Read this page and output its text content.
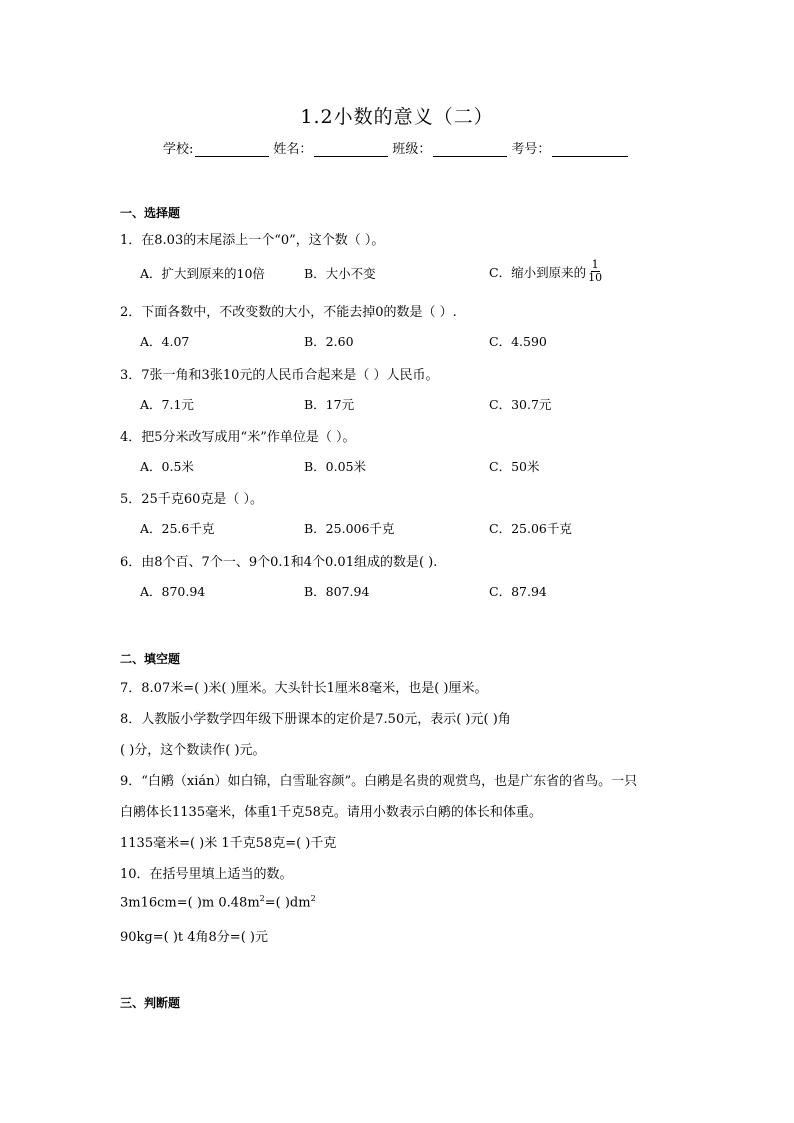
1.2小数的意义（二）
学校:	姓名：	班级：	考号：
一、选择题
1．在8.03的末尾添上一个“0”，这个数（ ）。
A．扩大到原来的10倍	B．大小不变	C．缩小到原来的 $\frac{1}{10}$
2．下面各数中，不改变数的大小，不能去掉0的数是（ ）.
A．4.07	B．2.60	C．4.590
3．7张一角和3张10元的人民币合起来是（ ）人民币。
A．7.1元	B．17元	C．30.7元
4．把5分米改写成用“米”作单位是（ ）。
A．0.5米	B．0.05米	C．50米
5．25千克60克是（ ）。
A．25.6千克	B．25.006千克	C．25.06千克
6．由8个百、7个一、9个0.1和4个0.01组成的数是( ).
A．870.94	B．807.94	C．87.94
二、填空题
7．8.07米=( )米( )厘米。大头针长1厘米8毫米，也是( )厘米。
8．人教版小学数学四年级下册课本的定价是7.50元，表示( )元( )角
( )分，这个数读作( )元。
9．“白鹇（xián）如白锦，白雪耻容颜”。白鹇是名贵的观赏鸟，也是广东省的省鸟。一只
白鹇体长1135毫米，体重1千克58克。请用小数表示白鹇的体长和体重。
1135毫米=( )米 1千克58克=( )千克
10．在括号里填上适当的数。
3m16cm=( )m $0.48m^2=$( )$dm^2$
90kg=( )t 4角8分=( )元
三、判断题
